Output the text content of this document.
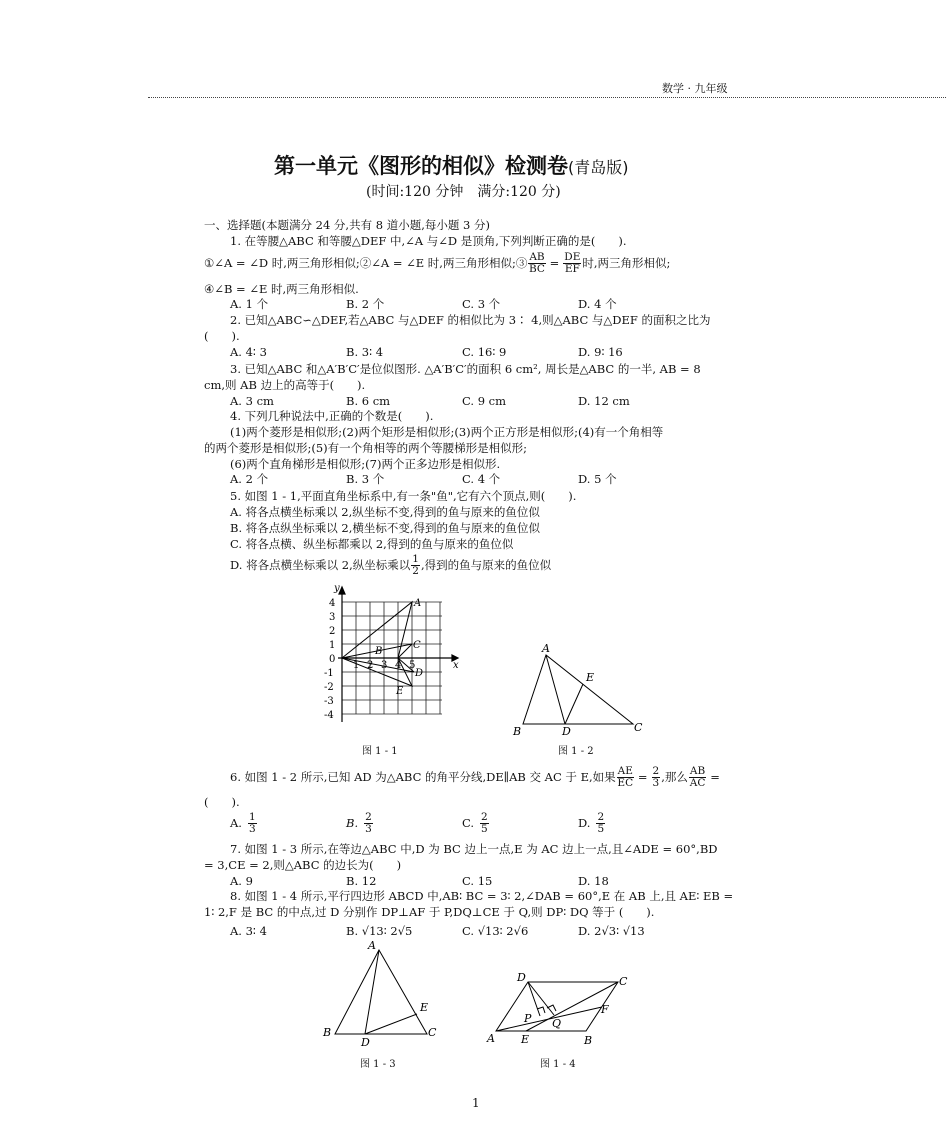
数学 · 九年级
第一单元《图形的相似》检测卷(青岛版)
(时间:120 分钟　满分:120 分)
一、选择题(本题满分 24 分,共有 8 道小题,每小题 3 分)
1. 在等腰△ABC 和等腰△DEF 中,∠A 与∠D 是顶角,下列判断正确的是(　　).
①∠A = ∠D 时,两三角形相似;②∠A = ∠E 时,两三角形相似;③ $\frac{AB}{BC} = \frac{DE}{EF}$ 时,两三角形相似;
④∠B = ∠E 时,两三角形相似.
A. 1 个	B. 2 个	C. 3 个	D. 4 个
2. 已知△ABC∽△DEF,若△ABC 与△DEF 的相似比为 3∶ 4,则△ABC 与△DEF 的面积之比为
(　　).
A. 4∶ 3	B. 3∶ 4	C. 16∶ 9	D. 9∶ 16
3. 已知△ABC 和△A′B′C′是位似图形. △A′B′C′的面积 6 cm², 周长是△ABC 的一半, AB = 8
cm,则 AB 边上的高等于(　　).
A. 3 cm	B. 6 cm	C. 9 cm	D. 12 cm
4. 下列几种说法中,正确的个数是(　　).
(1)两个菱形是相似形;(2)两个矩形是相似形;(3)两个正方形是相似形;(4)有一个角相等
的两个菱形是相似形;(5)有一个角相等的两个等腰梯形是相似形;
(6)两个直角梯形是相似形;(7)两个正多边形是相似形.
A. 2 个	B. 3 个	C. 4 个	D. 5 个
5. 如图 1 - 1,平面直角坐标系中,有一条"鱼",它有六个顶点,则(　　).
A. 将各点横坐标乘以 2,纵坐标不变,得到的鱼与原来的鱼位似
B. 将各点纵坐标乘以 2,横坐标不变,得到的鱼与原来的鱼位似
C. 将各点横、纵坐标都乘以 2,得到的鱼与原来的鱼位似
D. 将各点横坐标乘以 2,纵坐标乘以 $\frac{1}{2}$ ,得到的鱼与原来的鱼位似
y
x
4
3
2
1
0
-1
-2
-3
-4
1 2 3 4 5
A
B
C
D
E
图 1 - 1
A
E
B	D	C
图 1 - 2
6. 如图 1 - 2 所示,已知 AD 为△ABC 的角平分线,DE∥AB 交 AC 于 E,如果 $\frac{AE}{EC} = \frac{2}{3}$ ,那么 $\frac{AB}{AC}$ =
(　　).
A. $\frac{1}{3}$	B. $\frac{2}{3}$	C. $\frac{2}{5}$	D. $\frac{2}{5}$
7. 如图 1 - 3 所示,在等边△ABC 中,D 为 BC 边上一点,E 为 AC 边上一点,且∠ADE = 60°,BD
= 3,CE = 2,则△ABC 的边长为(　　)
A. 9	B. 12	C. 15	D. 18
8. 如图 1 - 4 所示,平行四边形 ABCD 中,AB∶ BC = 3∶ 2,∠DAB = 60°,E 在 AB 上,且 AE∶ EB =
1∶ 2,F 是 BC 的中点,过 D 分别作 DP⊥AF 于 P,DQ⊥CE 于 Q,则 DP∶ DQ 等于 (　　).
A. 3∶ 4	B. √13∶ 2√5	C. √13∶ 2√6	D. 2√3∶ √13
A
E
B
D
C
图 1 - 3
D	C
F
P Q
A E	B
图 1 - 4
1
